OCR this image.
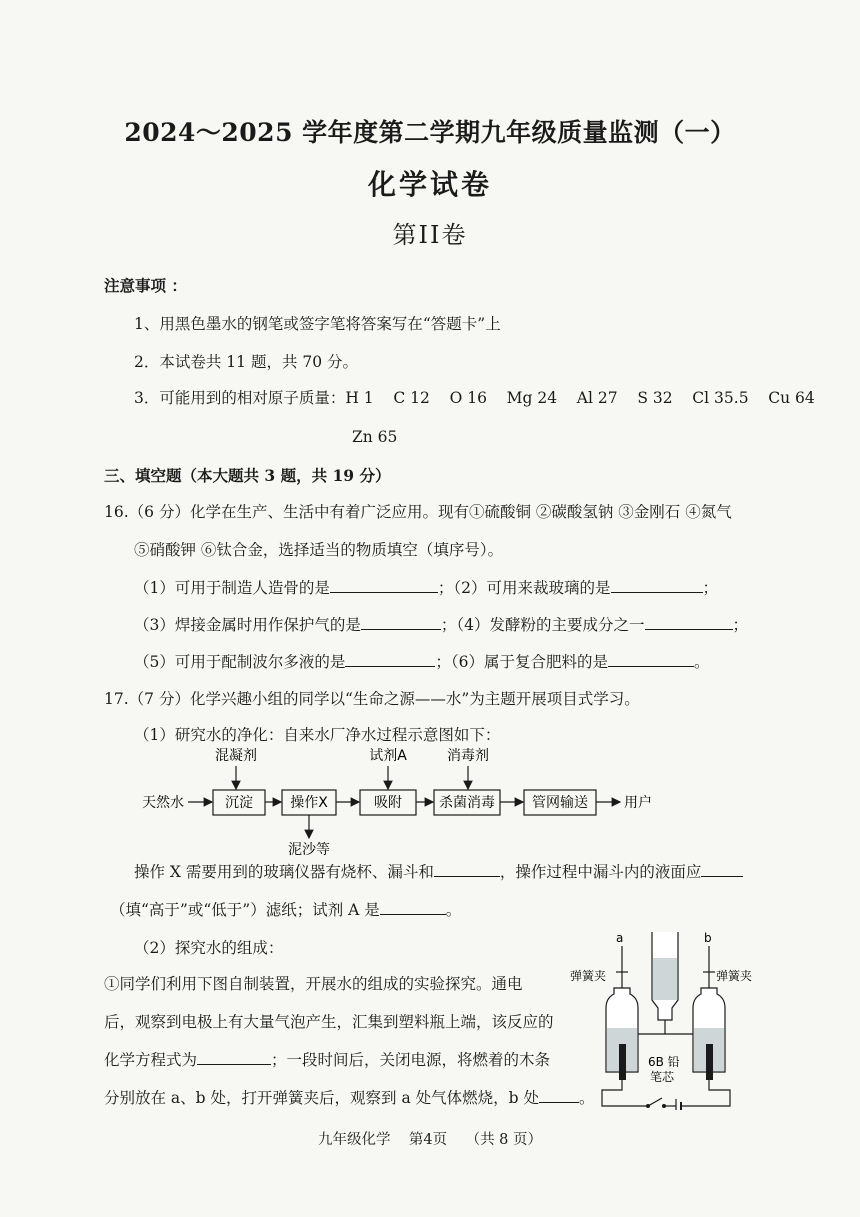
2024～2025 学年度第二学期九年级质量监测（一）
化学试卷
第II卷
注意事项 ：
1、用黑色墨水的钢笔或签字笔将答案写在“答题卡”上
2．本试卷共 11 题，共 70 分。
3．可能用到的相对原子质量：H 1    C 12    O 16    Mg 24    Al 27    S 32    Cl 35.5    Cu 64
Zn 65
三、填空题（本大题共 3 题，共 19 分）
16.（6 分）化学在生产、生活中有着广泛应用。现有①硫酸铜 ②碳酸氢钠 ③金刚石 ④氮气
⑤硝酸钾 ⑥钛合金，选择适当的物质填空（填序号）。
（1）可用于制造人造骨的是	；（2）可用来裁玻璃的是	；
（3）焊接金属时用作保护气的是	；（4）发酵粉的主要成分之一	；
（5）可用于配制波尔多液的是	；（6）属于复合肥料的是	。
17.（7 分）化学兴趣小组的同学以“生命之源——水”为主题开展项目式学习。
（1）研究水的净化：自来水厂净水过程示意图如下：
天然水	沉淀	操作X	吸附	杀菌消毒	管网输送	用户
混凝剂	试剂A	消毒剂
泥沙等
操作 X 需要用到的玻璃仪器有烧杯、漏斗和	，操作过程中漏斗内的液面应
（填“高于”或“低于”）滤纸；试剂 A 是	。
（2）探究水的组成：
①同学们利用下图自制装置，开展水的组成的实验探究。通电
后，观察到电极上有大量气泡产生，汇集到塑料瓶上端，该反应的
化学方程式为	；一段时间后，关闭电源，将燃着的木条
分别放在 a、b 处，打开弹簧夹后，观察到 a 处气体燃烧，b 处	。
a	b
弹簧夹	弹簧夹
6B 铅
笔芯
九年级化学    第4页    （共 8 页）
